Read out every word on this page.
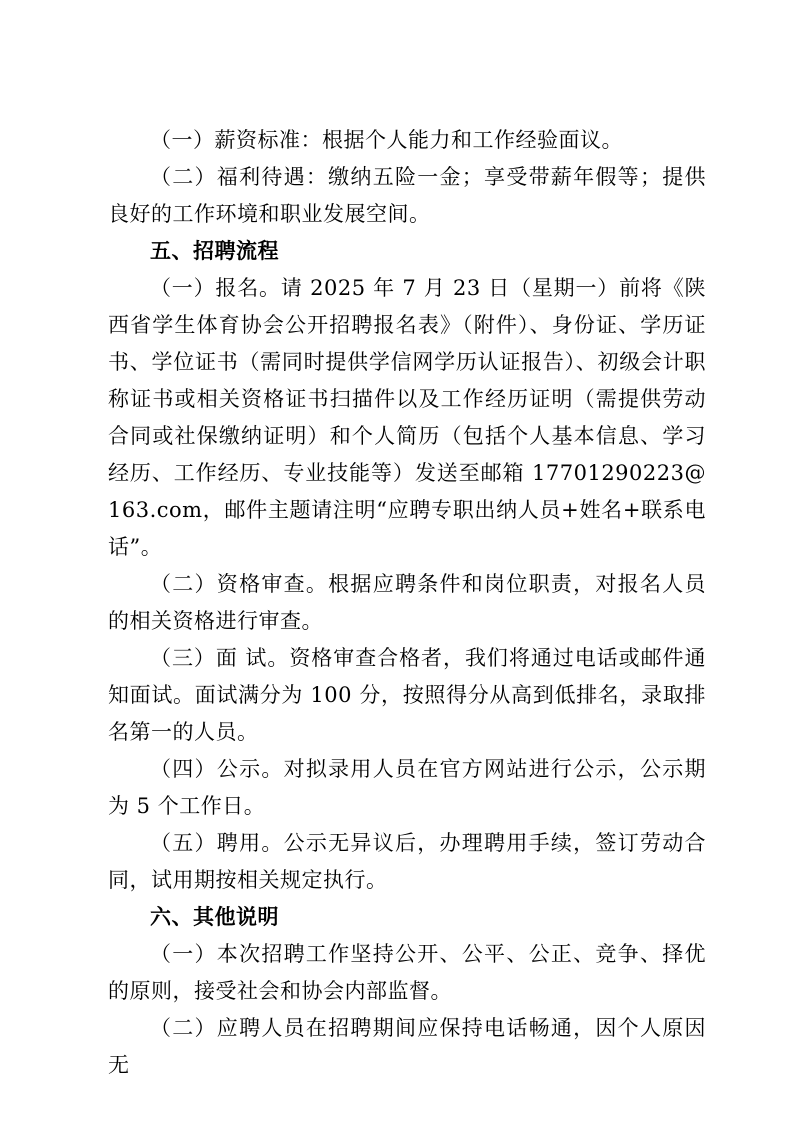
（一）薪资标准：根据个人能力和工作经验面议。

（二）福利待遇：缴纳五险一金；享受带薪年假等；提供良好的工作环境和职业发展空间。

五、招聘流程

（一）报名。请 2025 年 7 月 23 日（星期一）前将《陕西省学生体育协会公开招聘报名表》（附件）、身份证、学历证书、学位证书（需同时提供学信网学历认证报告）、初级会计职称证书或相关资格证书扫描件以及工作经历证明（需提供劳动合同或社保缴纳证明）和个人简历（包括个人基本信息、学习经历、工作经历、专业技能等）发送至邮箱 17701290223@163.com，邮件主题请注明“应聘专职出纳人员+姓名+联系电话”。

（二）资格审查。根据应聘条件和岗位职责，对报名人员的相关资格进行审查。

（三）面 试。资格审查合格者，我们将通过电话或邮件通知面试。面试满分为 100 分，按照得分从高到低排名，录取排名第一的人员。

（四）公示。对拟录用人员在官方网站进行公示，公示期为 5 个工作日。

（五）聘用。公示无异议后，办理聘用手续，签订劳动合同，试用期按相关规定执行。

六、其他说明

（一）本次招聘工作坚持公开、公平、公正、竞争、择优的原则，接受社会和协会内部监督。

（二）应聘人员在招聘期间应保持电话畅通，因个人原因无
